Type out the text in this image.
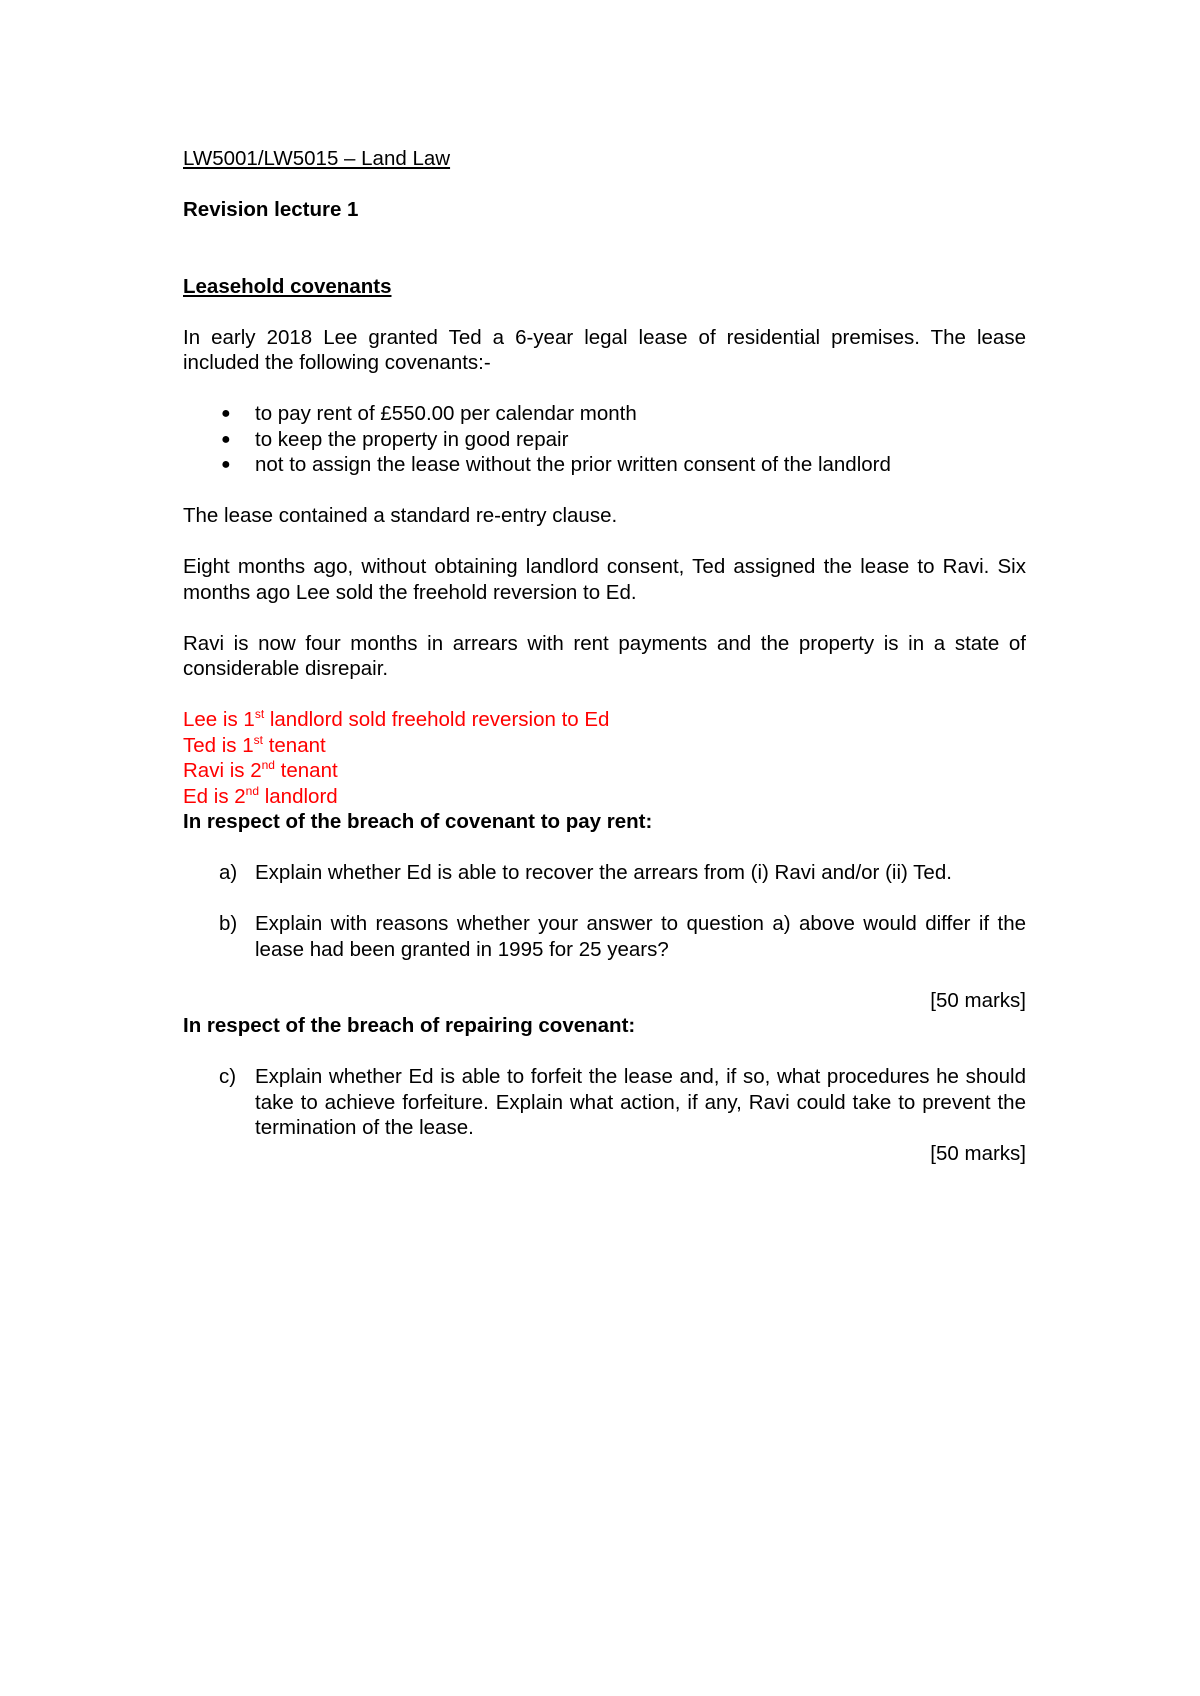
LW5001/LW5015 – Land Law

Revision lecture 1

Leasehold covenants

In early 2018 Lee granted Ted a 6-year legal lease of residential premises. The lease included the following covenants:-

● to pay rent of £550.00 per calendar month
● to keep the property in good repair
● not to assign the lease without the prior written consent of the landlord

The lease contained a standard re-entry clause.

Eight months ago, without obtaining landlord consent, Ted assigned the lease to Ravi. Six months ago Lee sold the freehold reversion to Ed.

Ravi is now four months in arrears with rent payments and the property is in a state of considerable disrepair.

Lee is 1st landlord sold freehold reversion to Ed

Ted is 1st tenant

Ravi is 2nd tenant

Ed is 2nd landlord

In respect of the breach of covenant to pay rent:

a) Explain whether Ed is able to recover the arrears from (i) Ravi and/or (ii) Ted.
b) Explain with reasons whether your answer to question a) above would differ if the lease had been granted in 1995 for 25 years?

[50 marks]

In respect of the breach of repairing covenant:

c) Explain whether Ed is able to forfeit the lease and, if so, what procedures he should take to achieve forfeiture. Explain what action, if any, Ravi could take to prevent the termination of the lease.

[50 marks]
